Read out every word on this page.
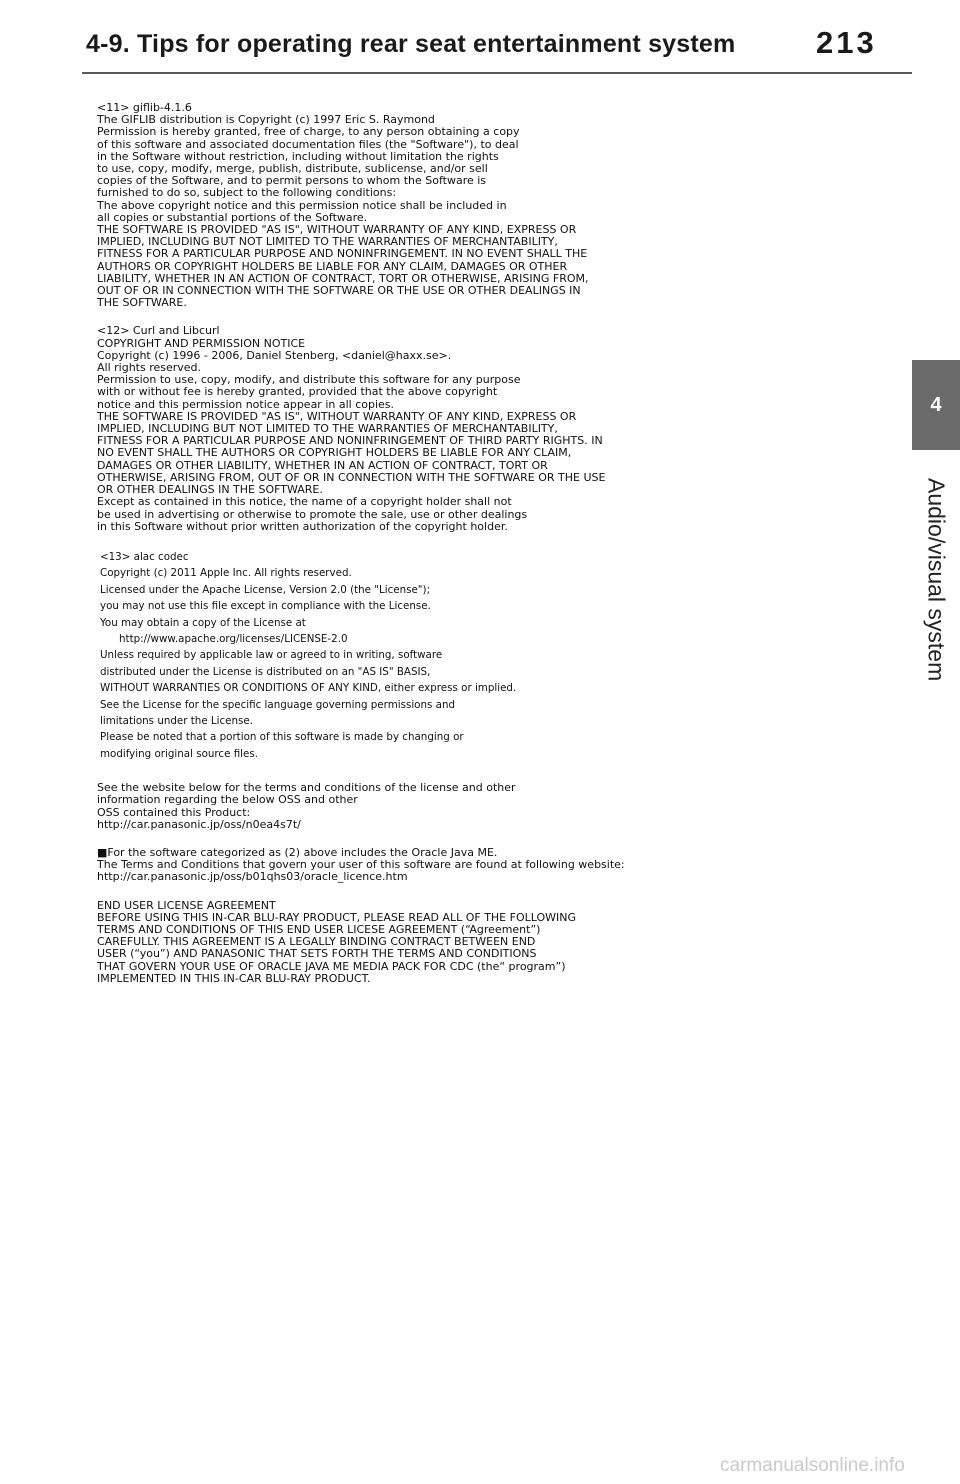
4-9. Tips for operating rear seat entertainment system	213
4
Audio/visual system
<11> giflib-4.1.6
The GIFLIB distribution is Copyright (c) 1997 Eric S. Raymond
Permission is hereby granted, free of charge, to any person obtaining a copy
of this software and associated documentation files (the "Software"), to deal
in the Software without restriction, including without limitation the rights
to use, copy, modify, merge, publish, distribute, sublicense, and/or sell
copies of the Software, and to permit persons to whom the Software is
furnished to do so, subject to the following conditions:
The above copyright notice and this permission notice shall be included in
all copies or substantial portions of the Software.
THE SOFTWARE IS PROVIDED "AS IS", WITHOUT WARRANTY OF ANY KIND, EXPRESS OR
IMPLIED, INCLUDING BUT NOT LIMITED TO THE WARRANTIES OF MERCHANTABILITY,
FITNESS FOR A PARTICULAR PURPOSE AND NONINFRINGEMENT. IN NO EVENT SHALL THE
AUTHORS OR COPYRIGHT HOLDERS BE LIABLE FOR ANY CLAIM, DAMAGES OR OTHER
LIABILITY, WHETHER IN AN ACTION OF CONTRACT, TORT OR OTHERWISE, ARISING FROM,
OUT OF OR IN CONNECTION WITH THE SOFTWARE OR THE USE OR OTHER DEALINGS IN
THE SOFTWARE.
<12> Curl and Libcurl
COPYRIGHT AND PERMISSION NOTICE
Copyright (c) 1996 - 2006, Daniel Stenberg, <daniel@haxx.se>.
All rights reserved.
Permission to use, copy, modify, and distribute this software for any purpose
with or without fee is hereby granted, provided that the above copyright
notice and this permission notice appear in all copies.
THE SOFTWARE IS PROVIDED "AS IS", WITHOUT WARRANTY OF ANY KIND, EXPRESS OR
IMPLIED, INCLUDING BUT NOT LIMITED TO THE WARRANTIES OF MERCHANTABILITY,
FITNESS FOR A PARTICULAR PURPOSE AND NONINFRINGEMENT OF THIRD PARTY RIGHTS. IN
NO EVENT SHALL THE AUTHORS OR COPYRIGHT HOLDERS BE LIABLE FOR ANY CLAIM,
DAMAGES OR OTHER LIABILITY, WHETHER IN AN ACTION OF CONTRACT, TORT OR
OTHERWISE, ARISING FROM, OUT OF OR IN CONNECTION WITH THE SOFTWARE OR THE USE
OR OTHER DEALINGS IN THE SOFTWARE.
Except as contained in this notice, the name of a copyright holder shall not
be used in advertising or otherwise to promote the sale, use or other dealings
in this Software without prior written authorization of the copyright holder.
<13> alac codec
Copyright (c) 2011 Apple Inc. All rights reserved.
Licensed under the Apache License, Version 2.0 (the "License");
you may not use this file except in compliance with the License.
You may obtain a copy of the License at
http://www.apache.org/licenses/LICENSE-2.0
Unless required by applicable law or agreed to in writing, software
distributed under the License is distributed on an "AS IS" BASIS,
WITHOUT WARRANTIES OR CONDITIONS OF ANY KIND, either express or implied.
See the License for the specific language governing permissions and
limitations under the License.
Please be noted that a portion of this software is made by changing or
modifying original source files.
See the website below for the terms and conditions of the license and other
information regarding the below OSS and other
OSS contained this Product:
http://car.panasonic.jp/oss/n0ea4s7t/
■For the software categorized as (2) above includes the Oracle Java ME.
The Terms and Conditions that govern your user of this software are found at following website:
http://car.panasonic.jp/oss/b01qhs03/oracle_licence.htm
END USER LICENSE AGREEMENT
BEFORE USING THIS IN-CAR BLU-RAY PRODUCT, PLEASE READ ALL OF THE FOLLOWING
TERMS AND CONDITIONS OF THIS END USER LICESE AGREEMENT (“Agreement”)
CAREFULLY. THIS AGREEMENT IS A LEGALLY BINDING CONTRACT BETWEEN END
USER (“you”) AND PANASONIC THAT SETS FORTH THE TERMS AND CONDITIONS
THAT GOVERN YOUR USE OF ORACLE JAVA ME MEDIA PACK FOR CDC (the“ program”)
IMPLEMENTED IN THIS IN-CAR BLU-RAY PRODUCT.
carmanualsonline.info
